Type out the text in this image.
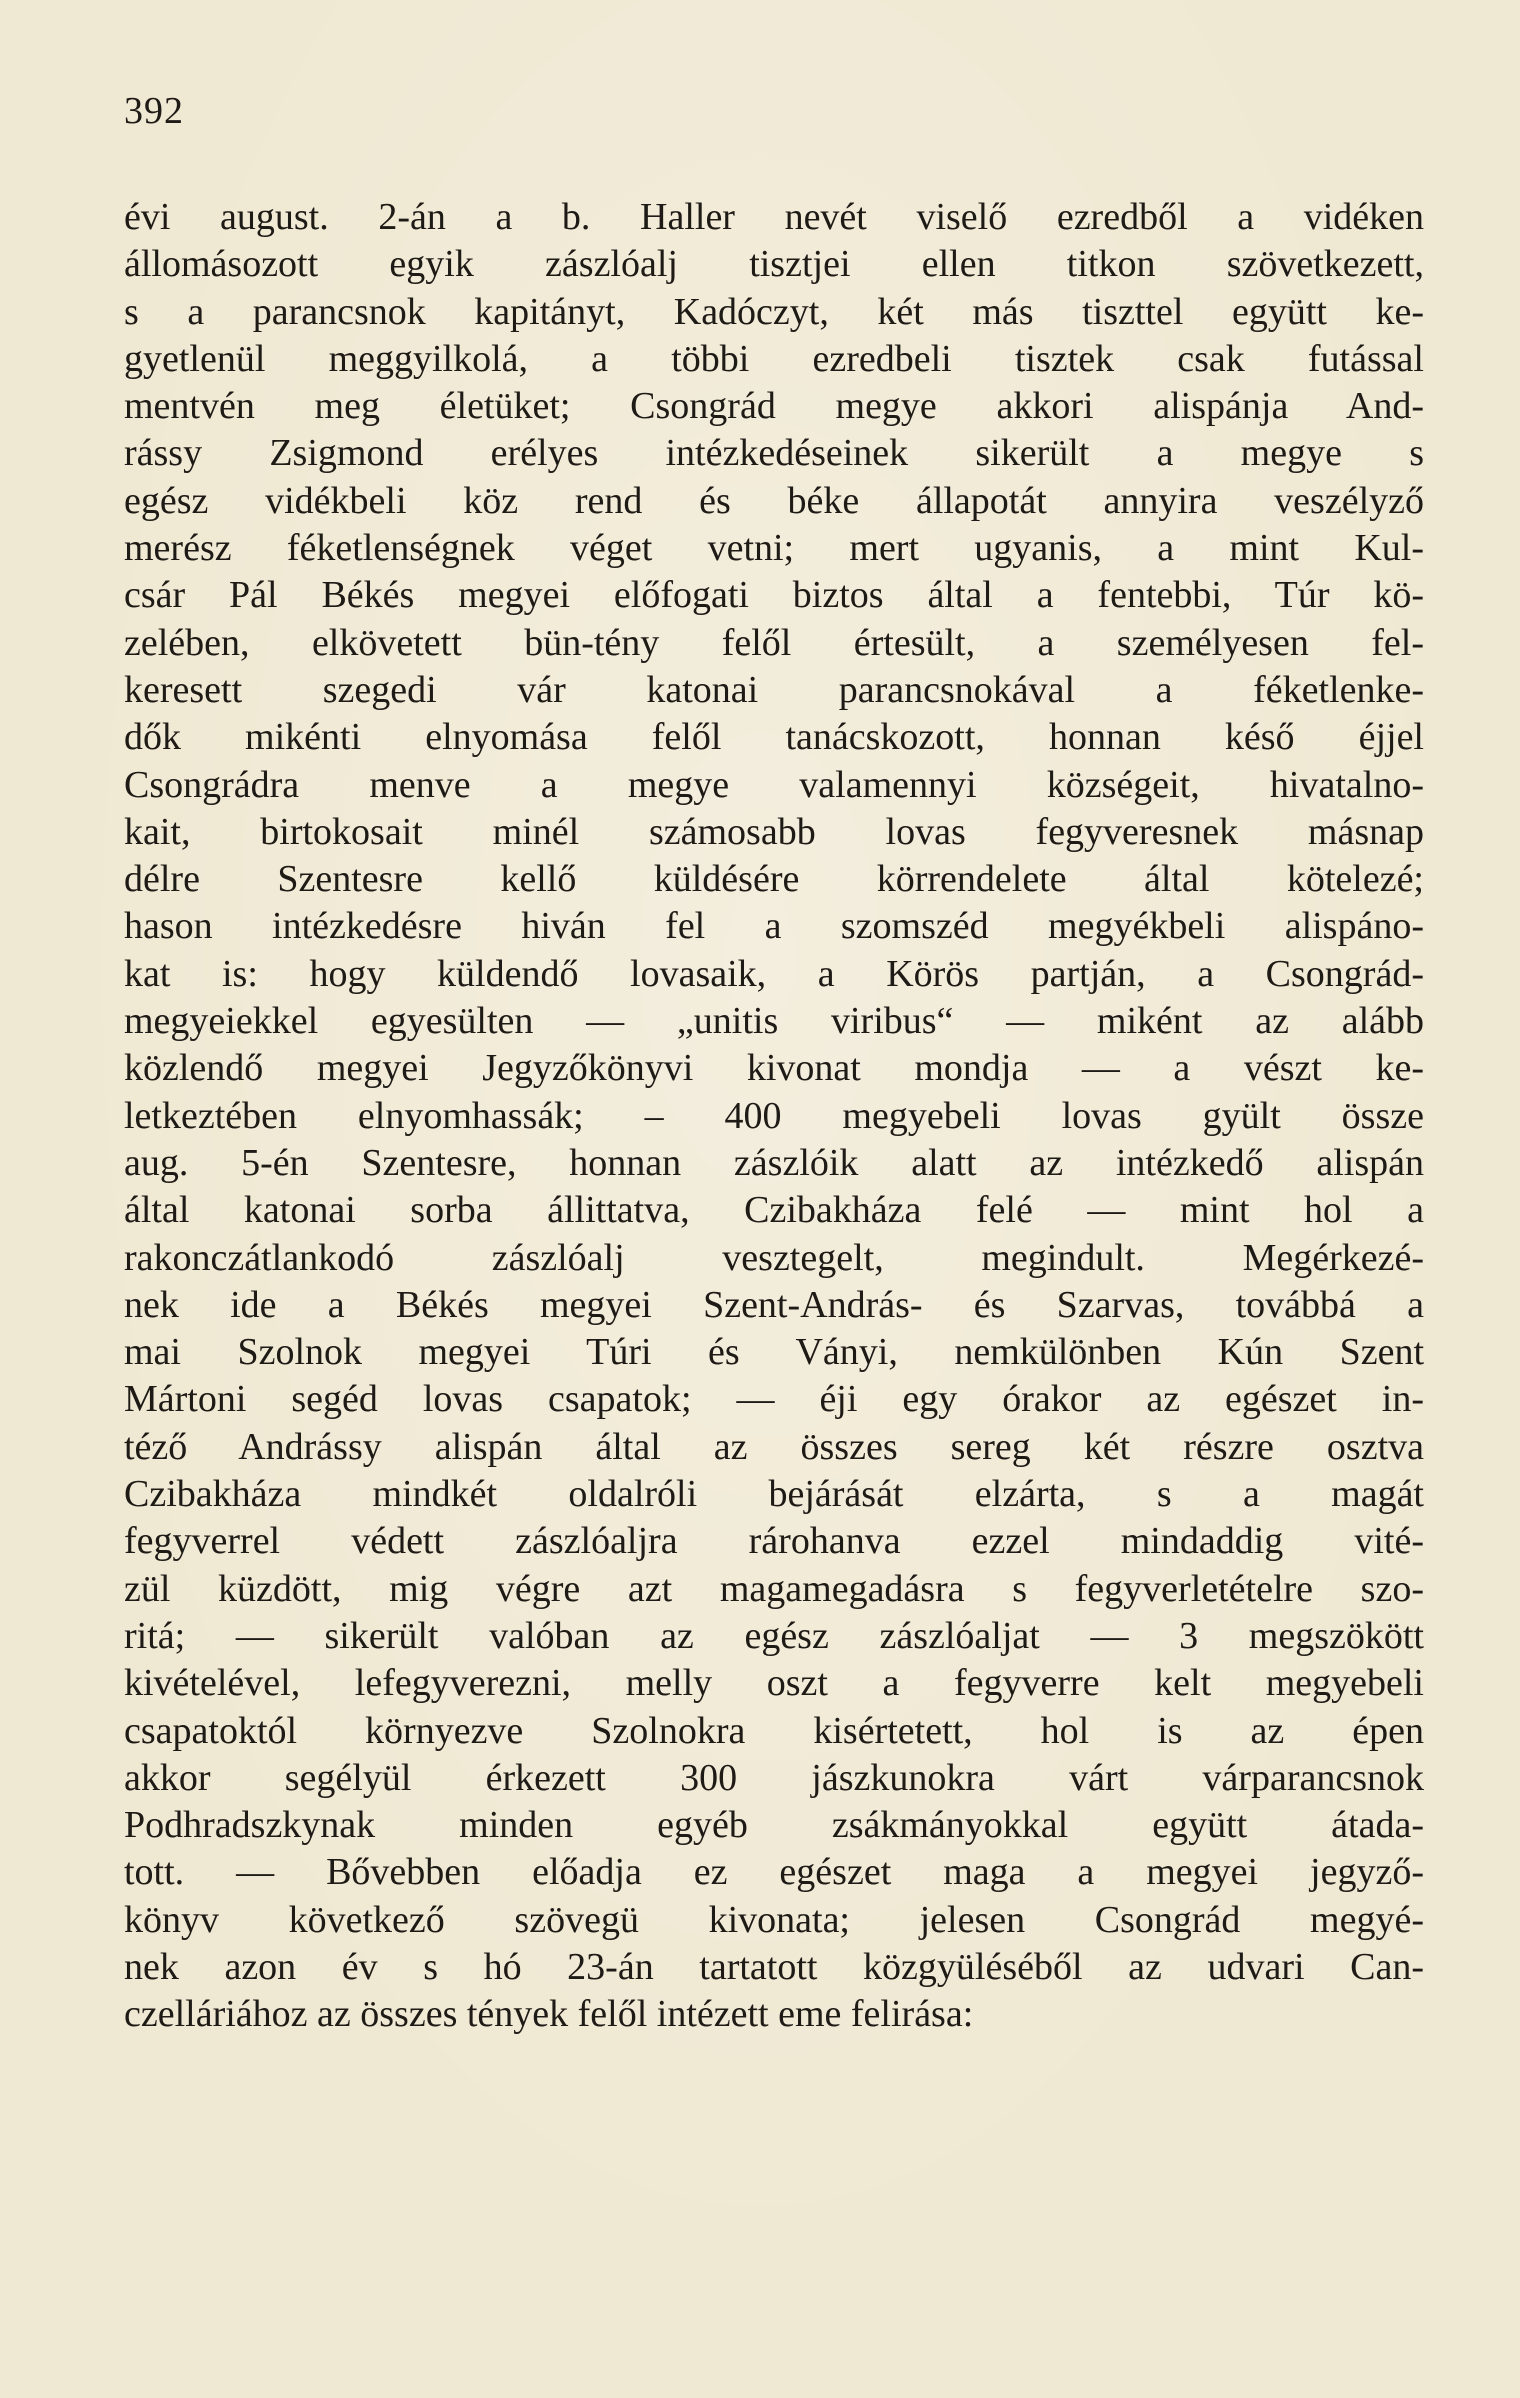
392
évi august. 2-án a b. Haller nevét viselő ezredből a vidéken
állomásozott egyik zászlóalj tisztjei ellen titkon szövetkezett,
s a parancsnok kapitányt, Kadóczyt, két más tiszttel együtt ke-
gyetlenül meggyilkolá, a többi ezredbeli tisztek csak futással
mentvén meg életüket; Csongrád megye akkori alispánja And-
rássy Zsigmond erélyes intézkedéseinek sikerült a megye s
egész vidékbeli köz rend és béke állapotát annyira veszélyző
merész féketlenségnek véget vetni; mert ugyanis, a mint Kul-
csár Pál Békés megyei előfogati biztos által a fentebbi, Túr kö-
zelében, elkövetett bün-tény felől értesült, a személyesen fel-
keresett szegedi vár katonai parancsnokával a féketlenke-
dők mikénti elnyomása felől tanácskozott, honnan késő éjjel
Csongrádra menve a megye valamennyi községeit, hivatalno-
kait, birtokosait minél számosabb lovas fegyveresnek másnap
délre Szentesre kellő küldésére körrendelete által kötelezé;
hason intézkedésre hiván fel a szomszéd megyékbeli alispáno-
kat is: hogy küldendő lovasaik, a Körös partján, a Csongrád-
megyeiekkel egyesülten — „unitis viribus“ — miként az alább
közlendő megyei Jegyzőkönyvi kivonat mondja — a vészt ke-
letkeztében elnyomhassák; – 400 megyebeli lovas gyült össze
aug. 5-én Szentesre, honnan zászlóik alatt az intézkedő alispán
által katonai sorba állittatva, Czibakháza felé — mint hol a
rakonczátlankodó zászlóalj vesztegelt, megindult. Megérkezé-
nek ide a Békés megyei Szent-András- és Szarvas, továbbá a
mai Szolnok megyei Túri és Ványi, nemkülönben Kún Szent
Mártoni segéd lovas csapatok; — éji egy órakor az egészet in-
téző Andrássy alispán által az összes sereg két részre osztva
Czibakháza mindkét oldalróli bejárását elzárta, s a magát
fegyverrel védett zászlóaljra rárohanva ezzel mindaddig vité-
zül küzdött, mig végre azt magamegadásra s fegyverletételre szo-
ritá; — sikerült valóban az egész zászlóaljat — 3 megszökött
kivételével, lefegyverezni, melly oszt a fegyverre kelt megyebeli
csapatoktól környezve Szolnokra kisértetett, hol is az épen
akkor segélyül érkezett 300 jászkunokra várt várparancsnok
Podhradszkynak minden egyéb zsákmányokkal együtt átada-
tott. — Bővebben előadja ez egészet maga a megyei jegyző-
könyv következő szövegü kivonata; jelesen Csongrád megyé-
nek azon év s hó 23-án tartatott közgyüléséből az udvari Can-
czelláriához az összes tények felől intézett eme felirása:
